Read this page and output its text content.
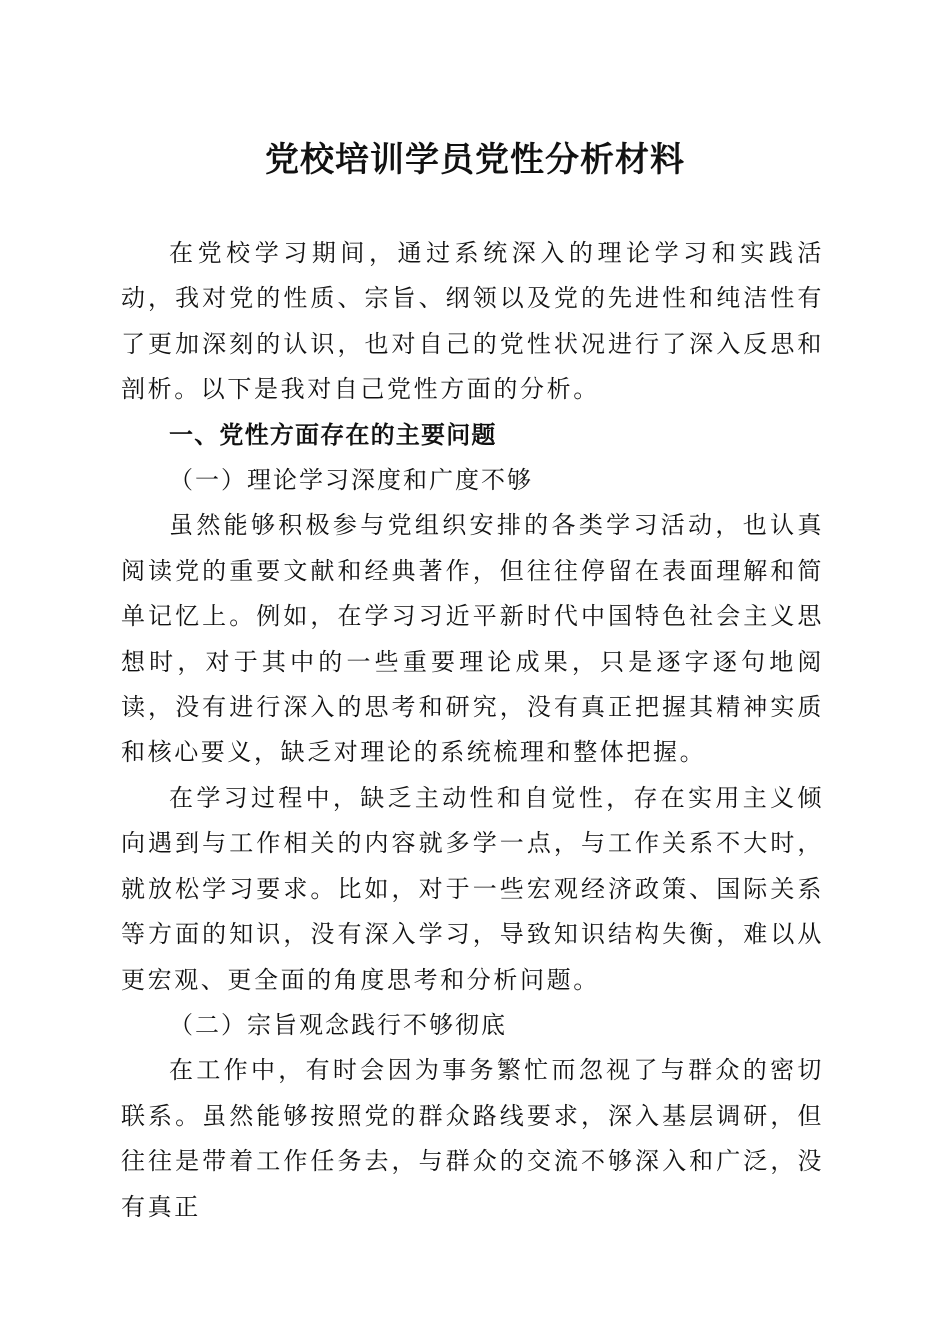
党校培训学员党性分析材料

在党校学习期间，通过系统深入的理论学习和实践活动，我对党的性质、宗旨、纲领以及党的先进性和纯洁性有了更加深刻的认识，也对自己的党性状况进行了深入反思和剖析。以下是我对自己党性方面的分析。

一、党性方面存在的主要问题

（一）理论学习深度和广度不够

虽然能够积极参与党组织安排的各类学习活动，也认真阅读党的重要文献和经典著作，但往往停留在表面理解和简单记忆上。例如，在学习习近平新时代中国特色社会主义思想时，对于其中的一些重要理论成果，只是逐字逐句地阅读，没有进行深入的思考和研究，没有真正把握其精神实质和核心要义，缺乏对理论的系统梳理和整体把握。

在学习过程中，缺乏主动性和自觉性，存在实用主义倾向遇到与工作相关的内容就多学一点，与工作关系不大时，就放松学习要求。比如，对于一些宏观经济政策、国际关系等方面的知识，没有深入学习，导致知识结构失衡，难以从更宏观、更全面的角度思考和分析问题。

（二）宗旨观念践行不够彻底

在工作中，有时会因为事务繁忙而忽视了与群众的密切联系。虽然能够按照党的群众路线要求，深入基层调研，但往往是带着工作任务去，与群众的交流不够深入和广泛，没有真正
